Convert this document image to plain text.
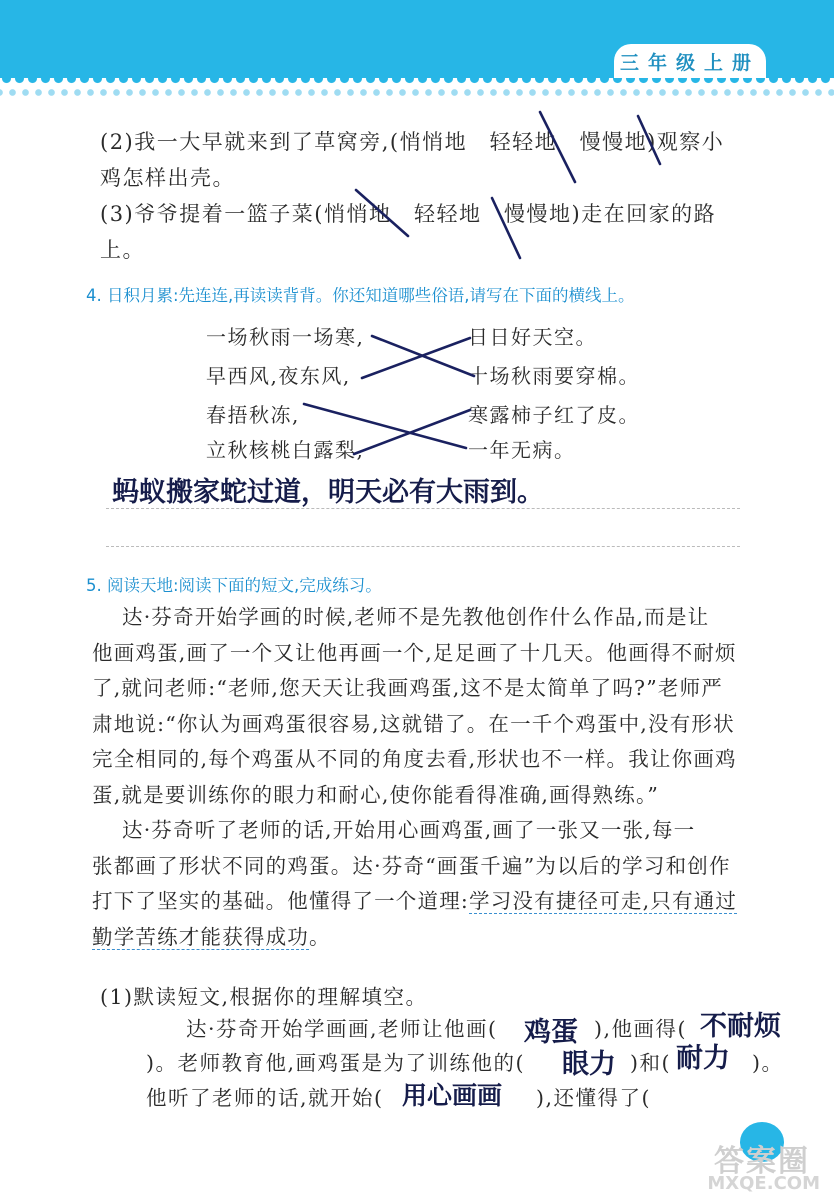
三年级上册
(2)我一大早就来到了草窝旁,(悄悄地　轻轻地　慢慢地)观察小
鸡怎样出壳。
(3)爷爷提着一篮子菜(悄悄地　轻轻地　慢慢地)走在回家的路
上。
4. 日积月累:先连连,再读读背背。你还知道哪些俗语,请写在下面的横线上。
一场秋雨一场寒,
早西风,夜东风,
春捂秋冻,
立秋核桃白露梨,
日日好天空。
十场秋雨要穿棉。
寒露柿子红了皮。
一年无病。
蚂蚁搬家蛇过道，明天必有大雨到。
5. 阅读天地:阅读下面的短文,完成练习。

达·芬奇开始学画的时候,老师不是先教他创作什么作品,而是让

他画鸡蛋,画了一个又让他再画一个,足足画了十几天。他画得不耐烦

了,就问老师:“老师,您天天让我画鸡蛋,这不是太简单了吗?”老师严

肃地说:“你认为画鸡蛋很容易,这就错了。在一千个鸡蛋中,没有形状

完全相同的,每个鸡蛋从不同的角度去看,形状也不一样。我让你画鸡

蛋,就是要训练你的眼力和耐心,使你能看得准确,画得熟练。”

达·芬奇听了老师的话,开始用心画鸡蛋,画了一张又一张,每一

张都画了形状不同的鸡蛋。达·芬奇“画蛋千遍”为以后的学习和创作

打下了坚实的基础。他懂得了一个道理:学习没有捷径可走,只有通过

勤学苦练才能获得成功。

(1)默读短文,根据你的理解填空。
达·芬奇开始学画画,老师让他画( 鸡蛋 ),他画得( 不耐烦
)。老师教育他,画鸡蛋是为了训练他的( 眼力 )和( 耐力 )。
他听了老师的话,就开始( 用心画画 ),还懂得了(
答案圈
MXQE.COM
